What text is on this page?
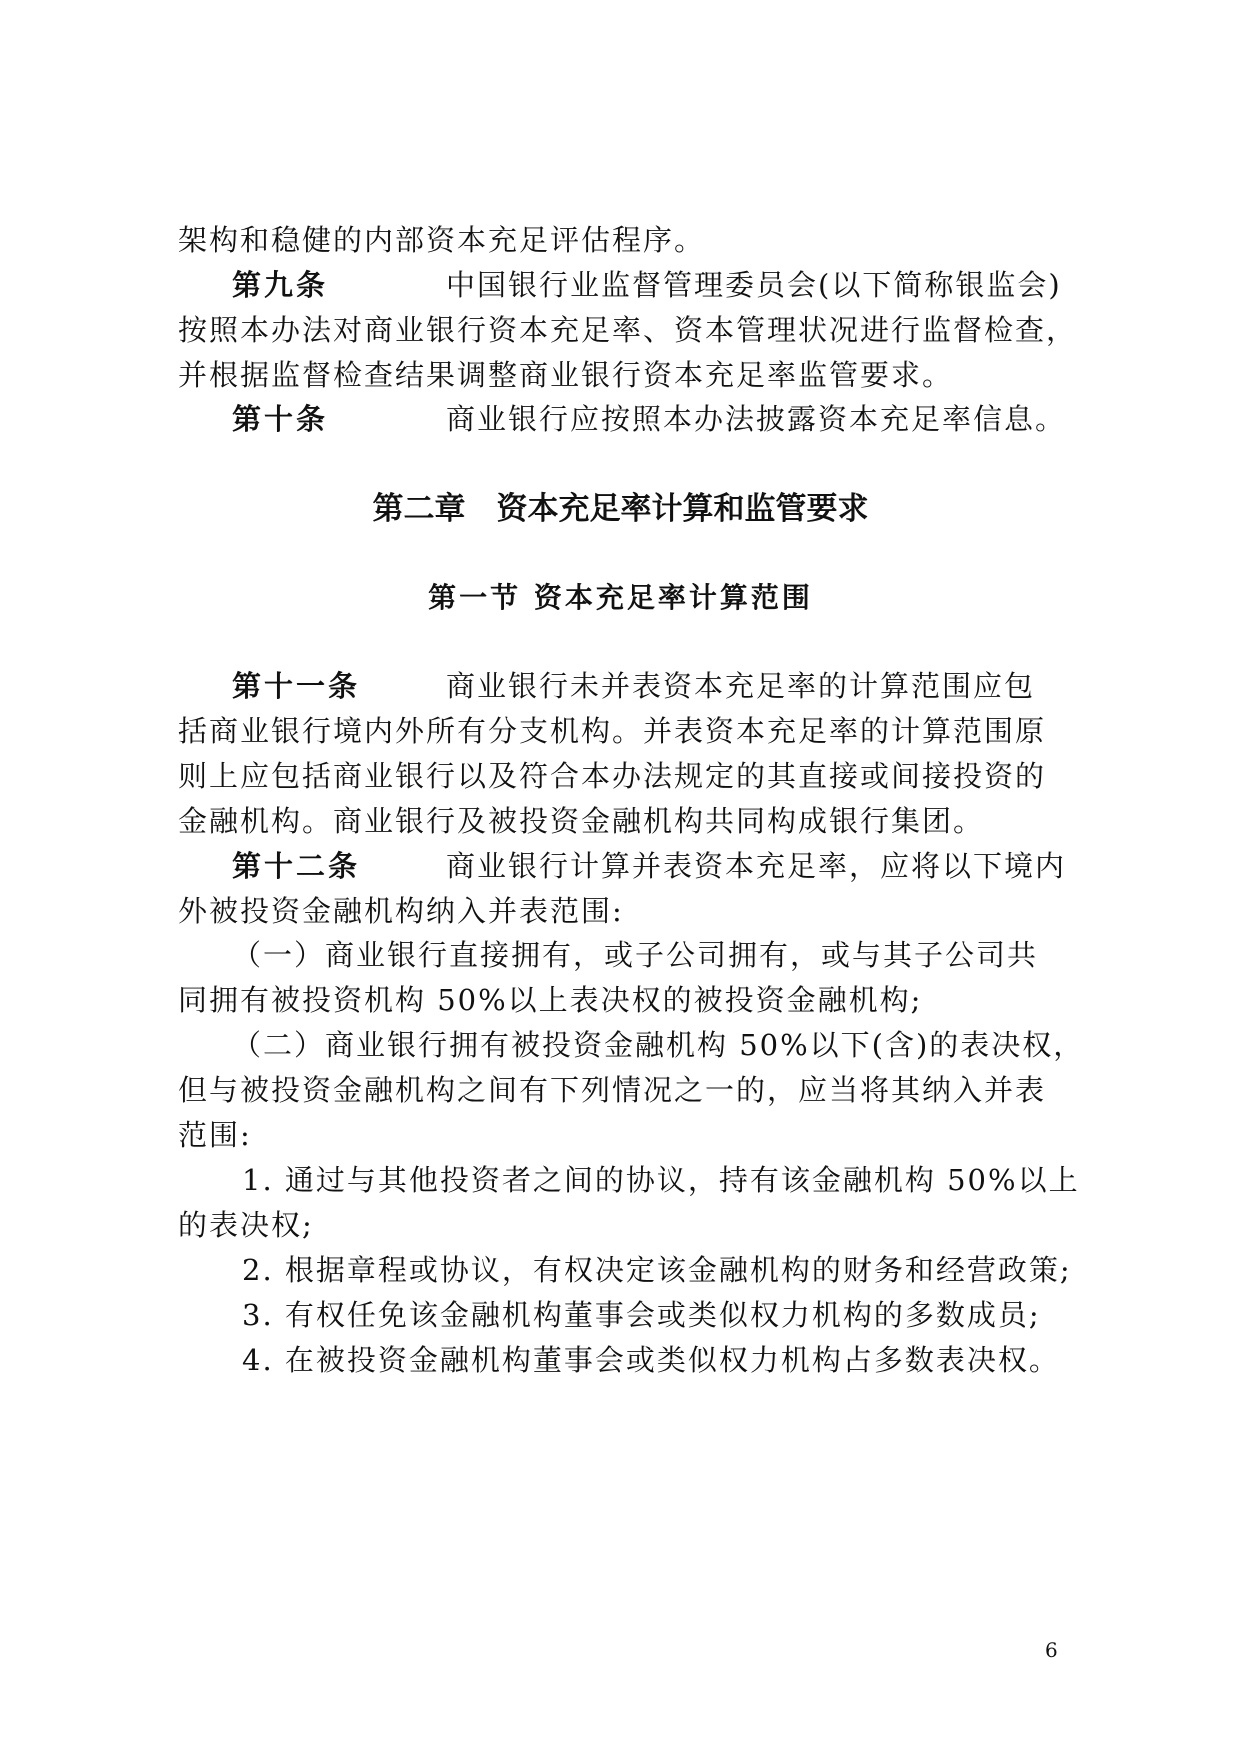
架构和稳健的内部资本充足评估程序。
第九条	中国银行业监督管理委员会(以下简称银监会)
按照本办法对商业银行资本充足率、资本管理状况进行监督检查，
并根据监督检查结果调整商业银行资本充足率监管要求。
第十条	商业银行应按照本办法披露资本充足率信息。
第二章　资本充足率计算和监管要求
第一节 资本充足率计算范围
第十一条	商业银行未并表资本充足率的计算范围应包
括商业银行境内外所有分支机构。并表资本充足率的计算范围原
则上应包括商业银行以及符合本办法规定的其直接或间接投资的
金融机构。商业银行及被投资金融机构共同构成银行集团。
第十二条	商业银行计算并表资本充足率，应将以下境内
外被投资金融机构纳入并表范围:
（一）商业银行直接拥有，或子公司拥有，或与其子公司共
同拥有被投资机构 50%以上表决权的被投资金融机构;
（二）商业银行拥有被投资金融机构 50%以下(含)的表决权，
但与被投资金融机构之间有下列情况之一的，应当将其纳入并表
范围:
1. 通过与其他投资者之间的协议，持有该金融机构 50%以上
的表决权;
2. 根据章程或协议，有权决定该金融机构的财务和经营政策;
3. 有权任免该金融机构董事会或类似权力机构的多数成员;
4. 在被投资金融机构董事会或类似权力机构占多数表决权。
6
